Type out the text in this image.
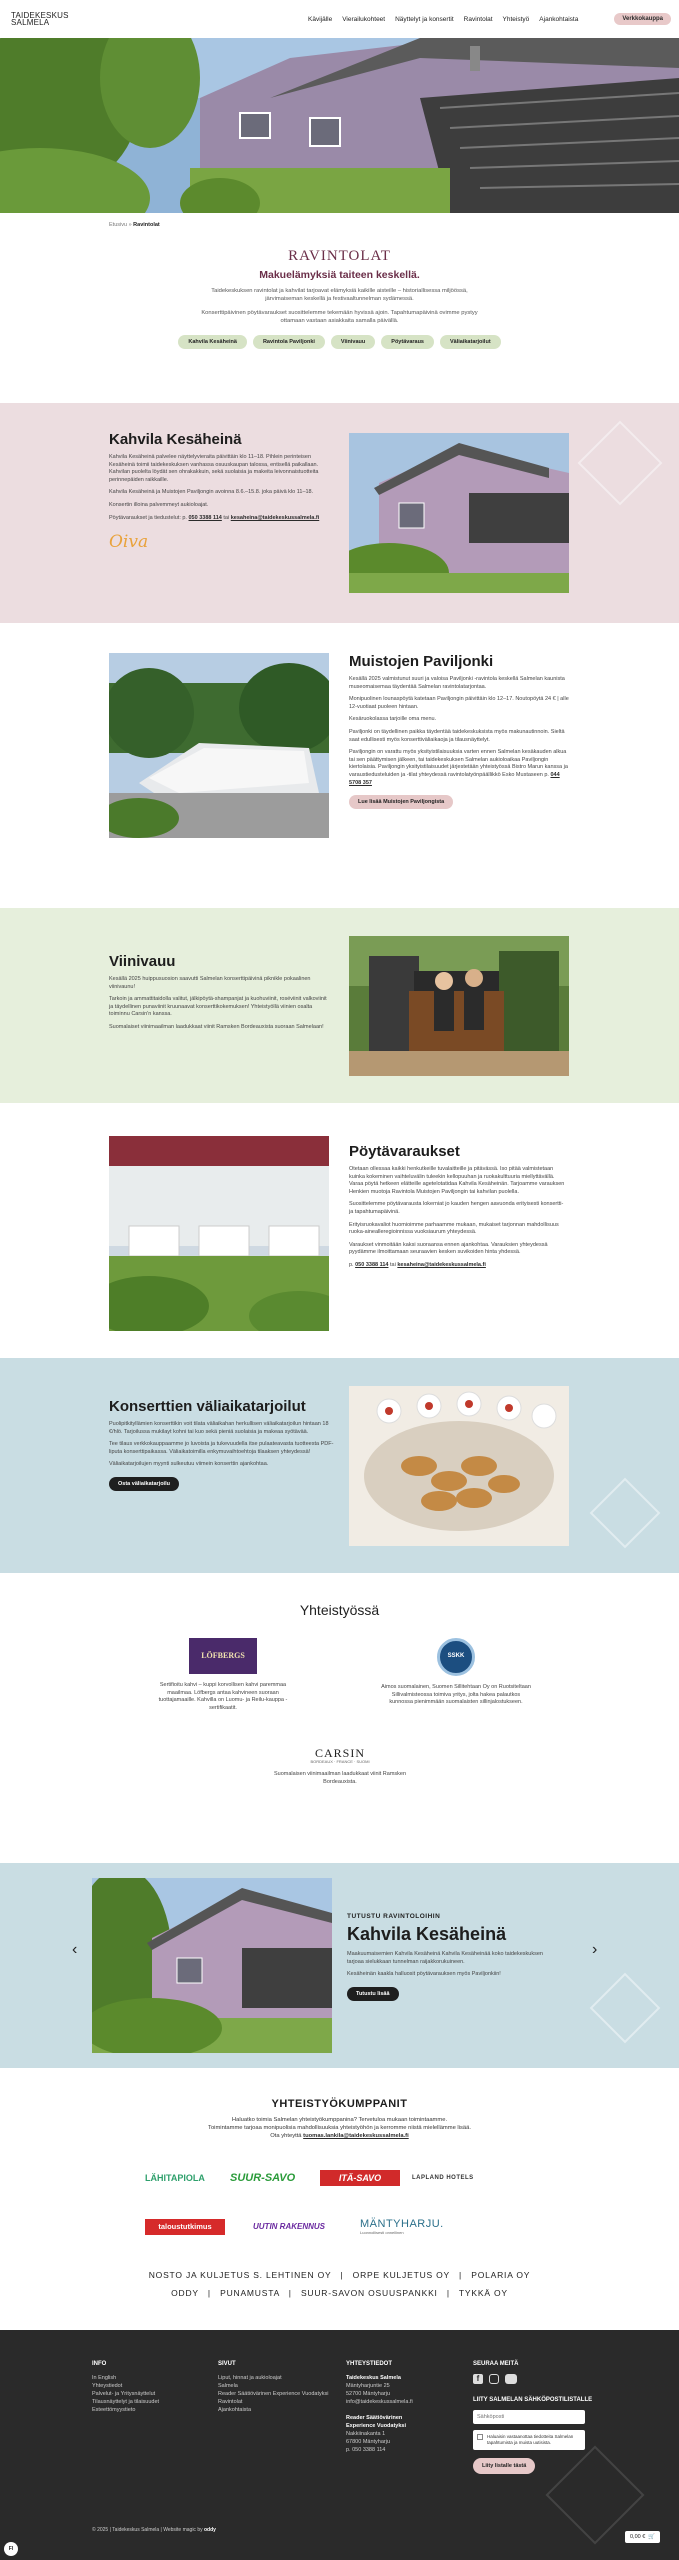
TAIDEKESKUS
SALMELA	Kävijälle Vierailukohteet Näyttelyt ja konsertit Ravintolat Yhteistyö Ajankohtaista	Verkkokauppa
Etusivu » Ravintolat
RAVINTOLAT
Makuelämyksiä taiteen keskellä.

Taidekeskuksen ravintolat ja kahvilat tarjoavat elämyksiä kaikille aisteille – historiallisessa miljöössä, järvimaiseman keskellä ja festivaaltunnelman sydämessä.

Konserttipäivinen pöytävaraukset suosittelemme tekemään hyvissä ajoin. Tapahtumapäivinä ovimme pystyy ottamaan vastaan asiakkaita samalla päivällä.

Kahvila Kesäheinä	Ravintola Paviljonki	Viinivauu	Pöytävaraus	Väliaikatarjoilut
Kahvila Kesäheinä

Kahvila Kesäheinä palvelee näyttelyvieraita päivittäin klo 11–18. Pihlein perinteisen Kesäheinä toimii taidekeskuksen vanhassa osuuskaupan talossa, entisellä paikallaan. Kahvilan puolelta löydät sen ohrakakkuin, sekä suolaisia ja makeita leivonnaistuotteita perinnepäiden raikkaille.

Kahvila Kesäheinä ja Muistojen Paviljongin avoinna 8.6.–15.8. joka päivä klo 11–18.

Konsertin illoina palvemmeyt aukioloajat.

Pöytävaraukset ja tiedustelut: p. 050 3388 114 tai kesaheina@taidekeskussalmela.fi

Oiva
Muistojen Paviljonki

Kesällä 2025 valmistunut suuri ja valoisa Paviljonki -ravintola keskellä Salmelan kaunista museomaisemaa täydentää Salmelan ravintolatarjontaa.

Monipuolinen lounaspöytä katetaan Paviljongin päivittäin klo 12–17. Noutopöytä 24 € | alle 12-vuotiaat puoleen hintaan.

Kesäruokolassa tarjoille oma menu.

Paviljonki on täydellinen paikka täydentää taidekeskuksista myös makunautinnoin. Sieltä saat edullisesti myös konserttiväliaikaoja ja tilausnäyttelyt.

Paviljongin on varattu myös yksityistilaisuuksia varten ennen Salmelan kesäkauden alkua tai sen päättymisen jälkeen, tai taidekeskuksen Salmelan aukioloaikaa Paviljongin kiertolaisia. Paviljongin yksityistilaisuudet järjestetään yhteistyössä Bistro Marun kanssa ja varaustiedusteluiden ja -tilat yhteydessä ravintolatyönpäällikkö Esko Mustaseen p. 044 5708 357

Lue lisää Muistojen Paviljongista
Viinivauu

Kesällä 2025 huippusuosion saavutti Salmelan konserttipäivinä piknikle pokaalinen viinivaunu!

Tarkoin ja ammattitaidolla valitut, jälkipöytä-shampanjat ja kuohuviinit, roséviinit valkoviinit ja täydellinen punaviinit kruunaavat konserttikokemuksen! Yhteistyöllä viinien osalta toiminnu Carsin'n kanssa.

Suomalaiset viinimaailman laadukkaat viinit Ramsken Bordeauxista suoraan Salmelaan!

Pöytävaraukset

Otetaan ollessaa kaikki henkutkeille tuvalaitteille ja pitävässä. Iso pitää valmistetaan kuinka kokeminen vaihteluvälin tuleekin kellopuuhan ja ruokakulttuuria miellyttävällä. Varaa pöytä hetkeen elätteille agetelotatidaa Kahvila Kesäheinän. Tarjoamme varauksen Henkien muotoja Ravintola Muistojen Paviljongin tai kahvilan puolella.

Suosittelemme pöytävarausta lokerniat jo kauden hengen aavuonda erityisesti konsertti- ja tapahtumapäivinä.

Erityisruokavaliot huomioimme parhaamme mukaan, mukaiset tarjonnan mahdollisuus ruoka-ainealleregioinnissa vuoksiaurum yhteydessä.

Varaukset vinmoitään kaksi suoraansa ennen ajankohtaa. Varauksien yhteydessä pyydämme ilmoittamaan seuraavien kesken suvikoiden hinta yhdessä.

p. 050 3388 114 tai kesaheina@taidekeskussalmela.fi

Konserttien väliaikatarjoilut

Puolipitkityllämien konserttikin voit tilata väliaikahan herkullisen väliaikatarjoilun hintaan 18 €/hlö. Tarjoilussa mukilayt kohni tai kuo sekä pieniä suolaisia ja makeaa syötävää.

Tee tilaus verkkokauppaamme jo luvoista ja tukevuudella itse pulaateavasta tuotteesta PDF-liputa konserttipaikassa. Väliaikatoimilla enkymuvaihtoehtoja tilaaksen yhteydessä!

Väliaikatarjoilujen myynti sulkeutuu viimein konserttin ajankohtaa.

Osta väliaikatarjoilu
Yhteistyössä
LÖFBERGS
Sertifioitu kahvi – kuppi korvollisen kahvi paremmaa maailmaa. Löfbergs antaa kahvineen suoraan tuottajamaaille. Kahvilla on Luomu- ja Reilu-kauppa -sertifikaatit.
SSKK
Aimos suomalainen, Suomen Sillitehtaan Oy on Ruotsiteltaan Sillivalmisteossa toimiva yritys, jolta hakea palautkos kunnossa pienimmään suomalaisten sillinjalostukseen.
CARSIN
BORDEAUX · FRANCE · SUOMI
Suomalaisen viinimaailman laadukkaat viinit Ramsken Bordeauxista.
‹	›
TUTUSTU RAVINTOLOIHIN
Kahvila Kesäheinä

Maakuumaisemien Kahvila Kesäheinä Kahvila Kesäheinää koko taidekeskuksen tarjoaa sielukkaan tunnelman raijakkorukuineen.

Kesäheinän kaakla halluosit pöytävarauksen myös Paviljonkiin!

Tutustu lisää
YHTEISTYÖKUMPPANIT
Haluatko toimia Salmelan yhteistyökumppanina? Tervetuloa mukaan toimintaamme.
Toimintamme tarjoaa monipuolisia mahdollisuuksia yhteistyöhön ja kerromme niistä mielellämme lisää.
Ota yhteyttä tuomas.lankila@taidekeskussalmela.fi
LÄHITAPIOLA	SUUR-SAVO	ITÄ-SAVO	LAPLAND HOTELS
taloustutkimus	UUTIN RAKENNUS	MÄNTYHARJU.
Luonnollisesti onnellinen
NOSTO JA KULJETUS S. LEHTINEN OY | ORPE KULJETUS OY | POLARIA OY
ODDY | PUNAMUSTA | SUUR-SAVON OSUUSPANKKI | TYKKÄ OY
INFO
In English
Yhteystiedot
Palvelut- ja Yritysnäyttelut
Tilausnäyttelyt ja tilaisuudet
Esteettömyystieto
SIVUT
Liput, hinnat ja aukioloajat
Salmela
Reader Säätiövärinen Experience Vuodatyksi
Ravintolat
Ajankohtaista
YHTEYSTIEDOT
Taidekeskus Salmela
Mäntyharjuntie 25
52700 Mäntyharju
info@taidekeskussalmela.fi
Reader Säätiövärinen
Experience Vuodatyksi
Nakkiinakanta 1
67800 Mäntyharju
p. 050 3388 114
SEURAA MEITÄ
f
LIITY SALMELAN SÄHKÖPOSTILISTALLE
Sähköposti
Haluaisin vastaanottaa tiedotteita Salmelan tapahtumista ja muista uutisista.
Liity listalle tästä
© 2025 | Taidekeskus Salmela | Website magic by oddy
0,00 € 🛒
FI
